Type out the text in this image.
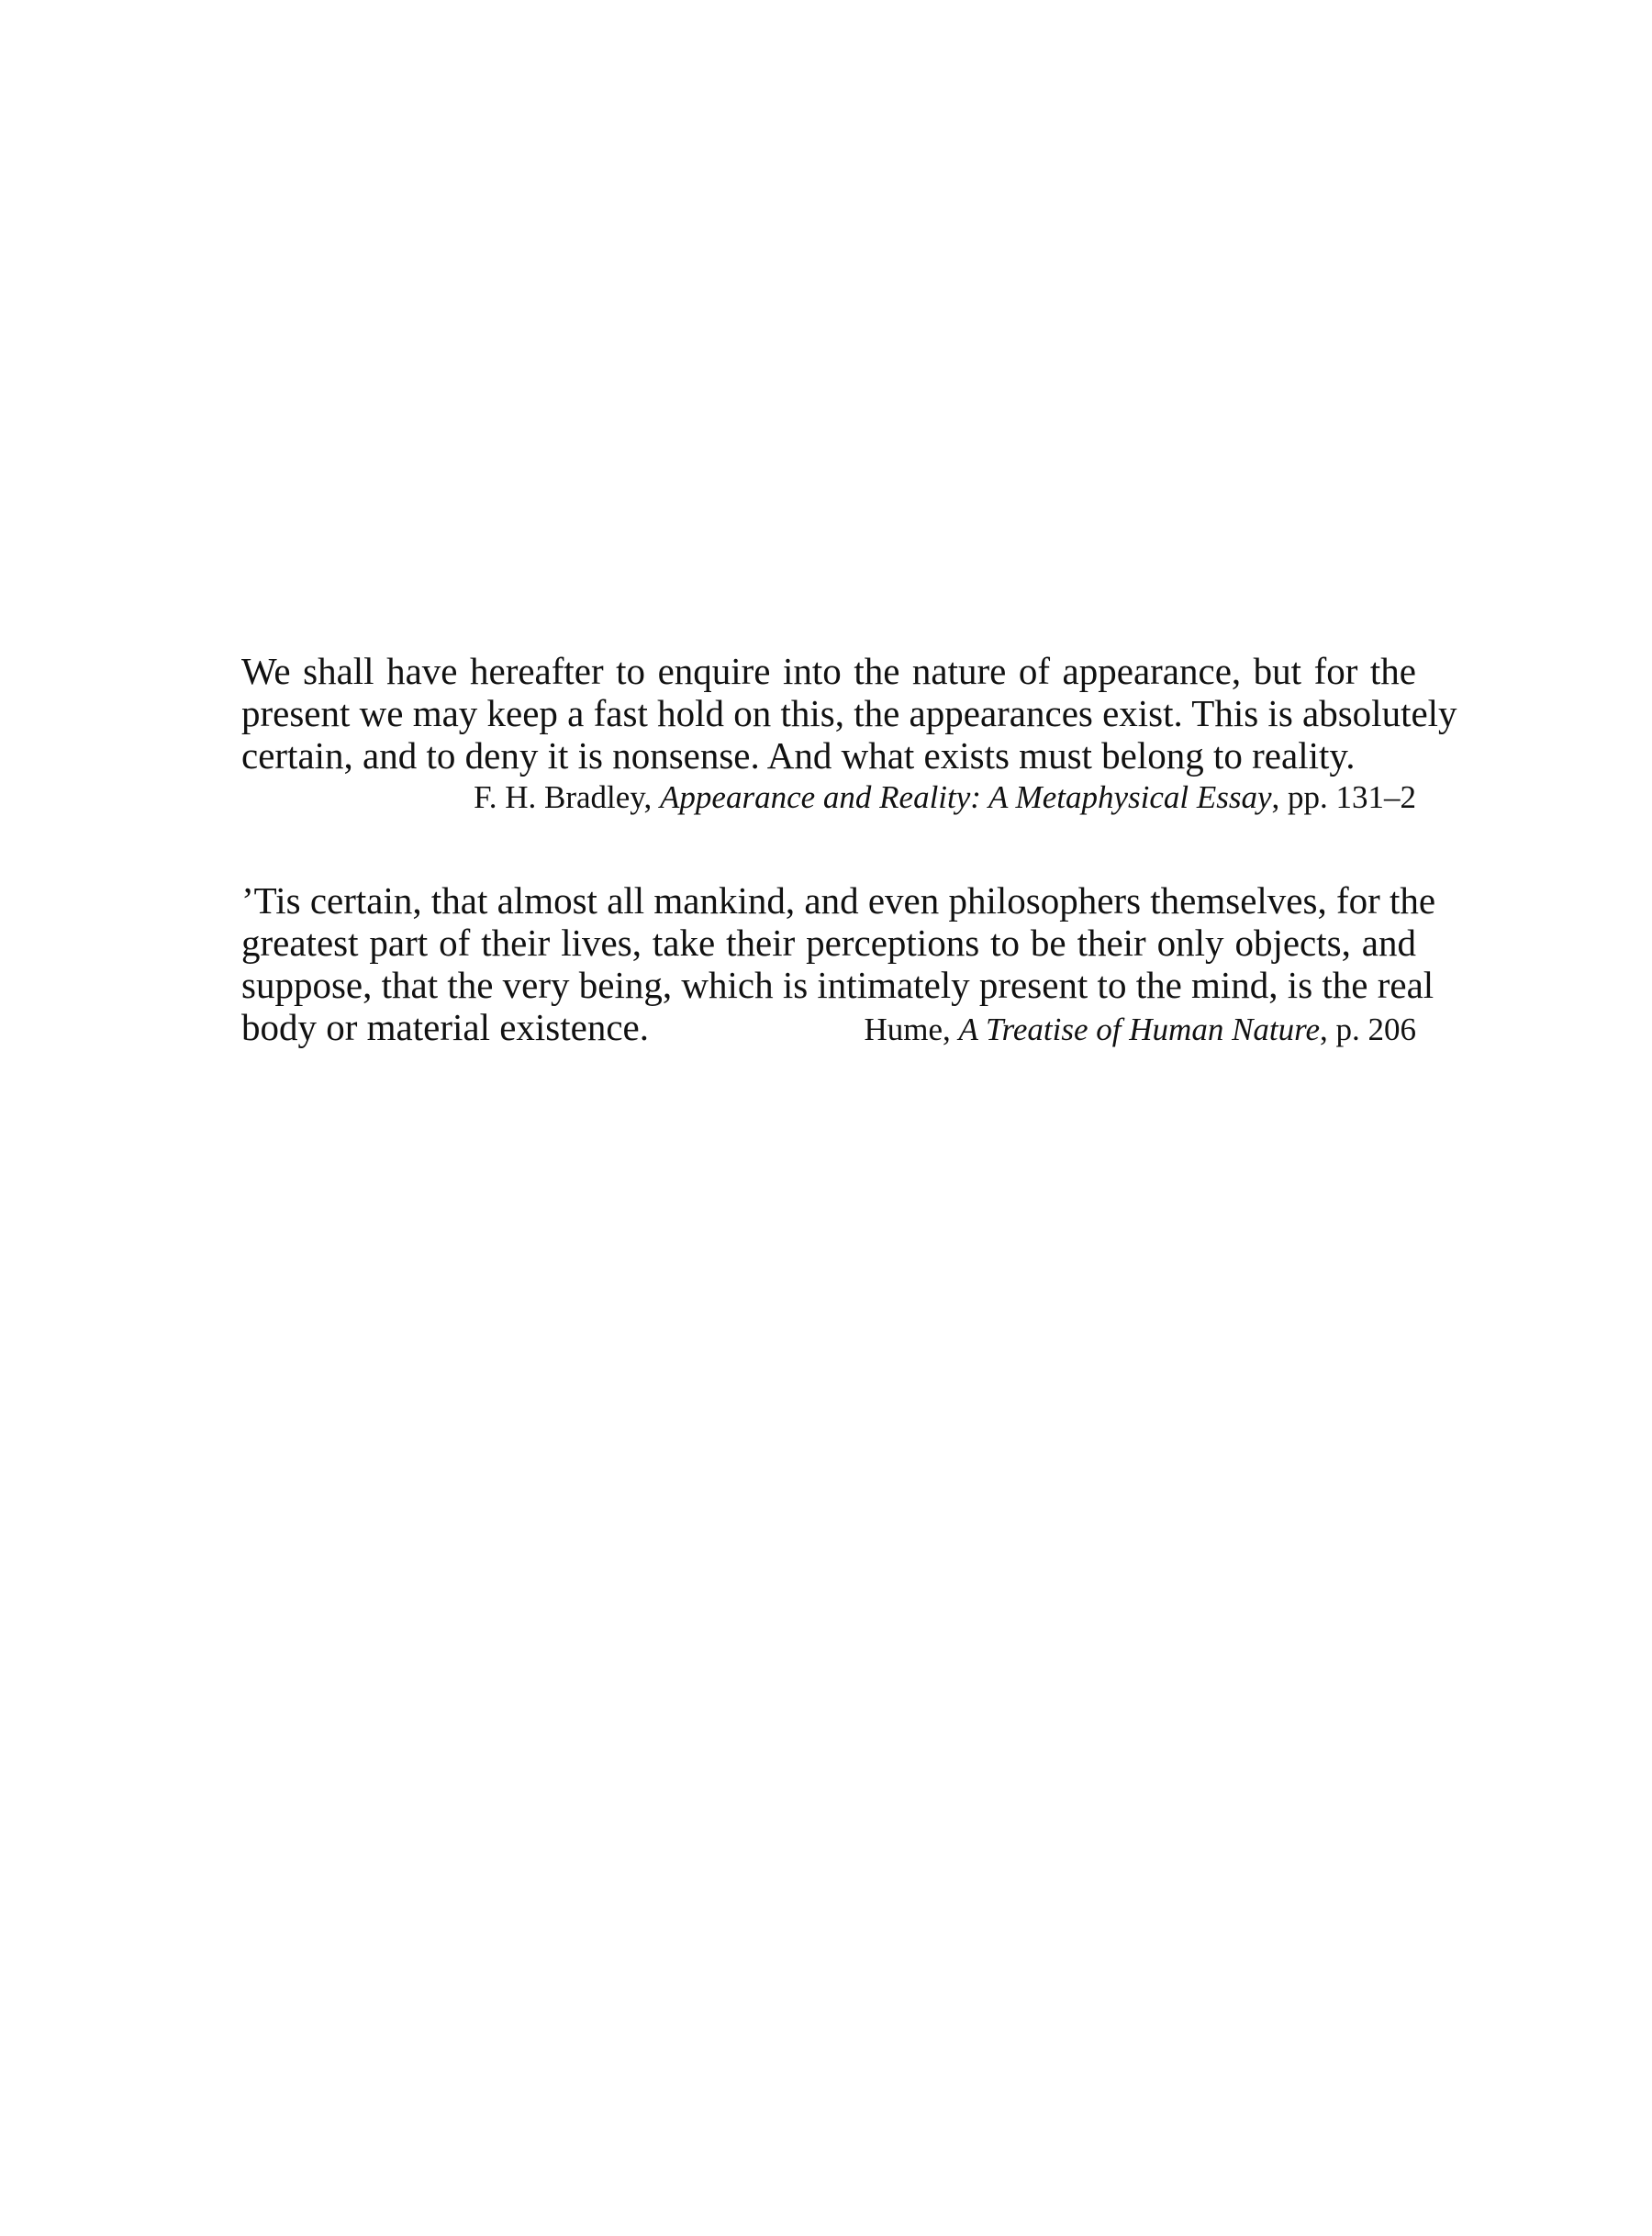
We shall have hereafter to enquire into the nature of appearance, but for the
present we may keep a fast hold on this, the appearances exist. This is absolutely
certain, and to deny it is nonsense. And what exists must belong to reality.
F. H. Bradley, Appearance and Reality: A Metaphysical Essay, pp. 131–2
’Tis certain, that almost all mankind, and even philosophers themselves, for the
greatest part of their lives, take their perceptions to be their only objects, and
suppose, that the very being, which is intimately present to the mind, is the real
body or material existence.	Hume, A Treatise of Human Nature, p. 206
